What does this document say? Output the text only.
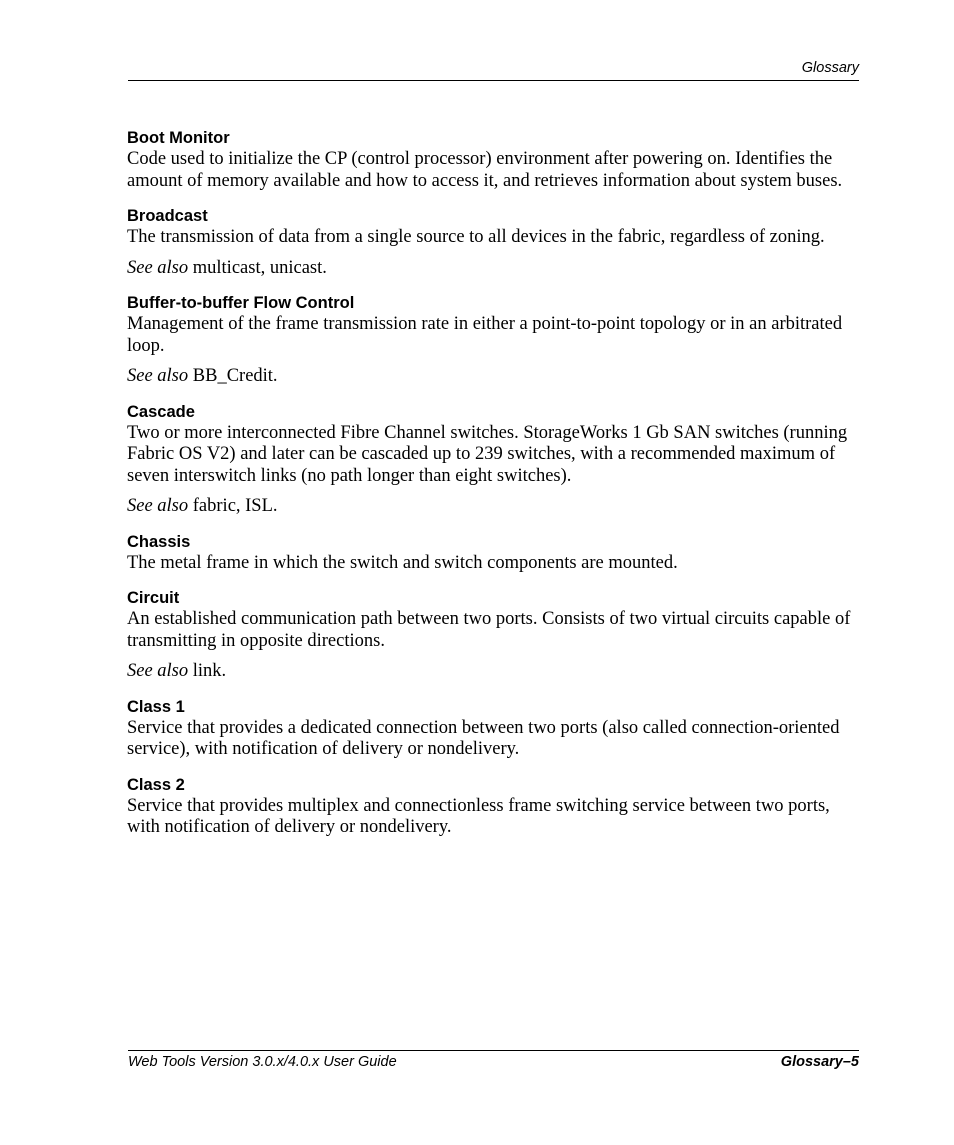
Glossary

Boot Monitor

Code used to initialize the CP (control processor) environment after powering on. Identifies the amount of memory available and how to access it, and retrieves information about system buses.

Broadcast

The transmission of data from a single source to all devices in the fabric, regardless of zoning.

See also multicast, unicast.

Buffer-to-buffer Flow Control

Management of the frame transmission rate in either a point-to-point topology or in an arbitrated loop.

See also BB_Credit.

Cascade

Two or more interconnected Fibre Channel switches. StorageWorks 1 Gb SAN switches (running Fabric OS V2) and later can be cascaded up to 239 switches, with a recommended maximum of seven interswitch links (no path longer than eight switches).

See also fabric, ISL.

Chassis

The metal frame in which the switch and switch components are mounted.

Circuit

An established communication path between two ports. Consists of two virtual circuits capable of transmitting in opposite directions.

See also link.

Class 1

Service that provides a dedicated connection between two ports (also called connection-oriented service), with notification of delivery or nondelivery.

Class 2

Service that provides multiplex and connectionless frame switching service between two ports, with notification of delivery or nondelivery.

Web Tools Version 3.0.x/4.0.x User Guide	Glossary–5
